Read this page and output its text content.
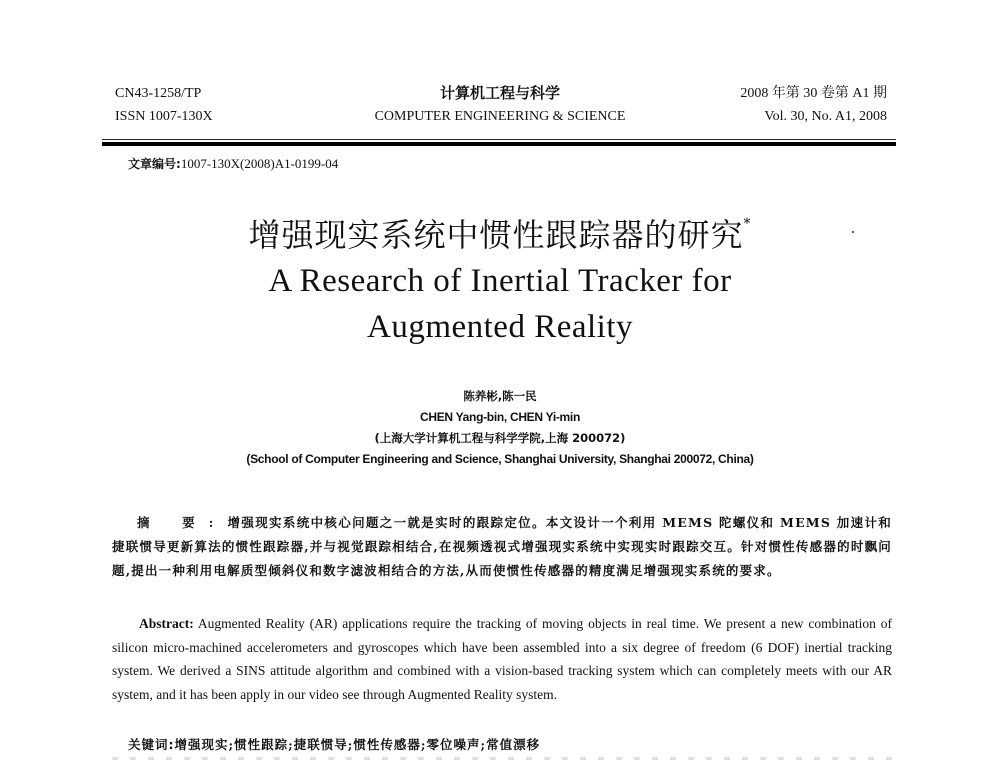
CN43-1258/TP
ISSN 1007-130X
计算机工程与科学
COMPUTER ENGINEERING & SCIENCE
2008 年第 30 卷第 A1 期
Vol. 30, No. A1, 2008
文章编号:1007-130X(2008)A1-0199-04
增强现实系统中惯性跟踪器的研究*
A Research of Inertial Tracker for
Augmented Reality
陈养彬,陈一民
CHEN Yang-bin, CHEN Yi-min
(上海大学计算机工程与科学学院,上海 200072)
(School of Computer Engineering and Science, Shanghai University, Shanghai 200072, China)
摘 要:增强现实系统中核心问题之一就是实时的跟踪定位。本文设计一个利用 MEMS 陀螺仪和 MEMS 加速计和捷联惯导更新算法的惯性跟踪器,并与视觉跟踪相结合,在视频透视式增强现实系统中实现实时跟踪交互。针对惯性传感器的时飘问题,提出一种利用电解质型倾斜仪和数字滤波相结合的方法,从而使惯性传感器的精度满足增强现实系统的要求。
Abstract: Augmented Reality (AR) applications require the tracking of moving objects in real time. We present a new combination of silicon micro-machined accelerometers and gyroscopes which have been assembled into a six degree of freedom (6 DOF) inertial tracking system. We derived a SINS attitude algorithm and combined with a vision-based tracking system which can completely meets with our AR system, and it has been apply in our video see through Augmented Reality system.
关键词:增强现实;惯性跟踪;捷联惯导;惯性传感器;零位噪声;常值漂移
